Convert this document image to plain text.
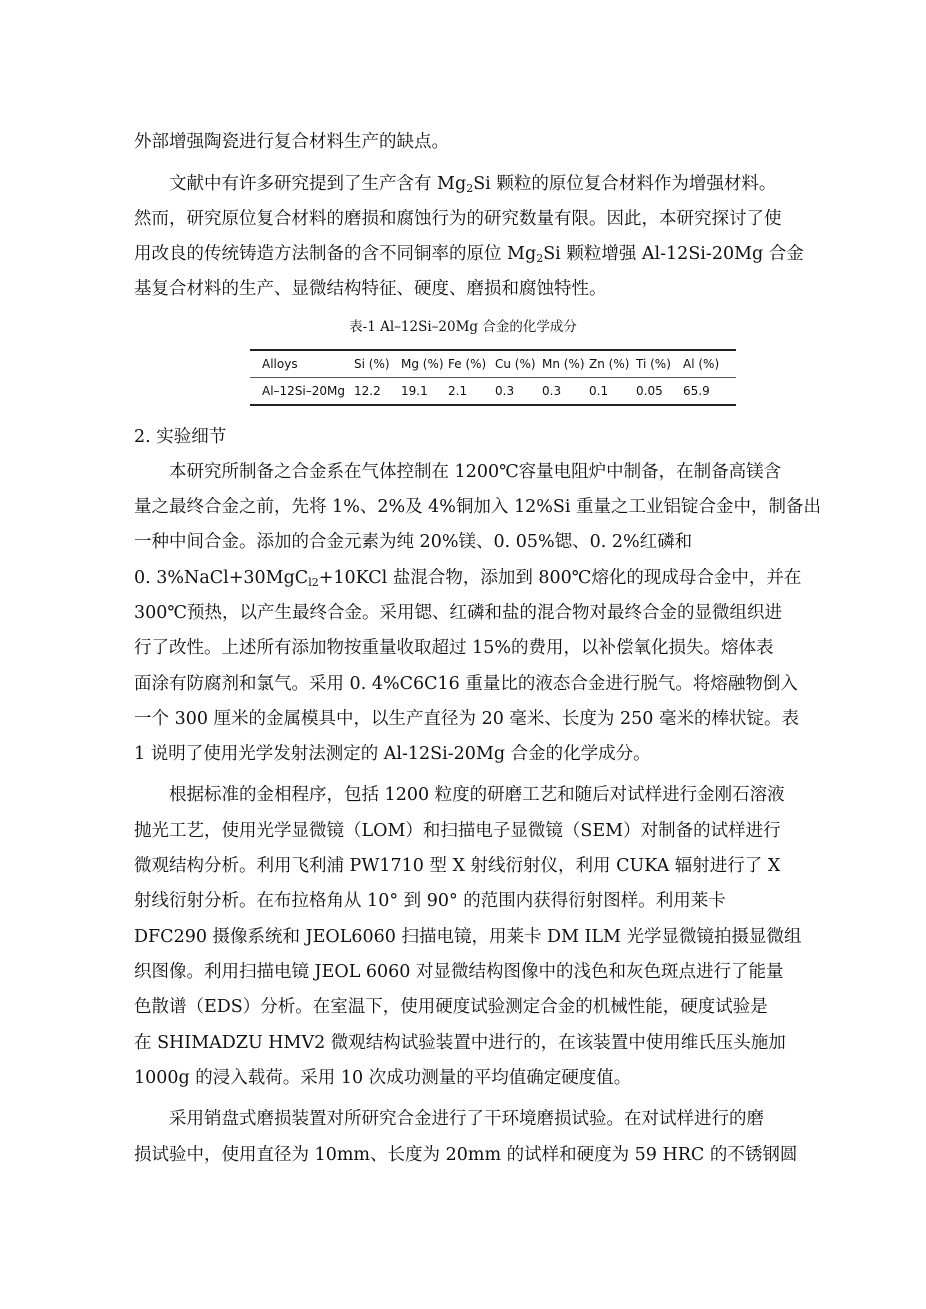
外部增强陶瓷进行复合材料生产的缺点。
文献中有许多研究提到了生产含有 $Mg_2Si$ 颗粒的原位复合材料作为增强材料。
然而，研究原位复合材料的磨损和腐蚀行为的研究数量有限。因此，本研究探讨了使
用改良的传统铸造方法制备的含不同铜率的原位 $Mg_2Si$ 颗粒增强 Al-12Si-20Mg 合金
基复合材料的生产、显微结构特征、硬度、磨损和腐蚀特性。
表-1 Al–12Si–20Mg 合金的化学成分
Alloys	Si (%) Mg (%) Fe (%) Cu (%) Mn (%) Zn (%) Ti (%)	Al (%)
Al–12Si–20Mg 12.2	19.1	2.1	0.3	0.3	0.1	0.05	65.9
2. 实验细节
本研究所制备之合金系在气体控制在 1200℃容量电阻炉中制备，在制备高镁含
量之最终合金之前，先将 1%、2%及 4%铜加入 12%Si 重量之工业铝锭合金中，制备出
一种中间合金。添加的合金元素为纯 20%镁、0. 05%锶、0. 2%红磷和
0. 3%NaCl+30MgC$_{l2}$+10KCl 盐混合物，添加到 800℃熔化的现成母合金中，并在
300℃预热，以产生最终合金。采用锶、红磷和盐的混合物对最终合金的显微组织进
行了改性。上述所有添加物按重量收取超过 15%的费用，以补偿氧化损失。熔体表
面涂有防腐剂和氯气。采用 0. 4%C6C16 重量比的液态合金进行脱气。将熔融物倒入
一个 300 厘米的金属模具中，以生产直径为 20 毫米、长度为 250 毫米的棒状锭。表
1 说明了使用光学发射法测定的 Al-12Si-20Mg 合金的化学成分。
根据标准的金相程序，包括 1200 粒度的研磨工艺和随后对试样进行金刚石溶液
抛光工艺，使用光学显微镜（LOM）和扫描电子显微镜（SEM）对制备的试样进行
微观结构分析。利用飞利浦 PW1710 型 X 射线衍射仪，利用 CUKA 辐射进行了 X
射线衍射分析。在布拉格角从 10° 到 90° 的范围内获得衍射图样。利用莱卡
DFC290 摄像系统和 JEOL6060 扫描电镜，用莱卡 DM ILM 光学显微镜拍摄显微组
织图像。利用扫描电镜 JEOL 6060 对显微结构图像中的浅色和灰色斑点进行了能量
色散谱（EDS）分析。在室温下，使用硬度试验测定合金的机械性能，硬度试验是
在 SHIMADZU HMV2 微观结构试验装置中进行的，在该装置中使用维氏压头施加
1000g 的浸入载荷。采用 10 次成功测量的平均值确定硬度值。
采用销盘式磨损装置对所研究合金进行了干环境磨损试验。在对试样进行的磨
损试验中，使用直径为 10mm、长度为 20mm 的试样和硬度为 59 HRC 的不锈钢圆
